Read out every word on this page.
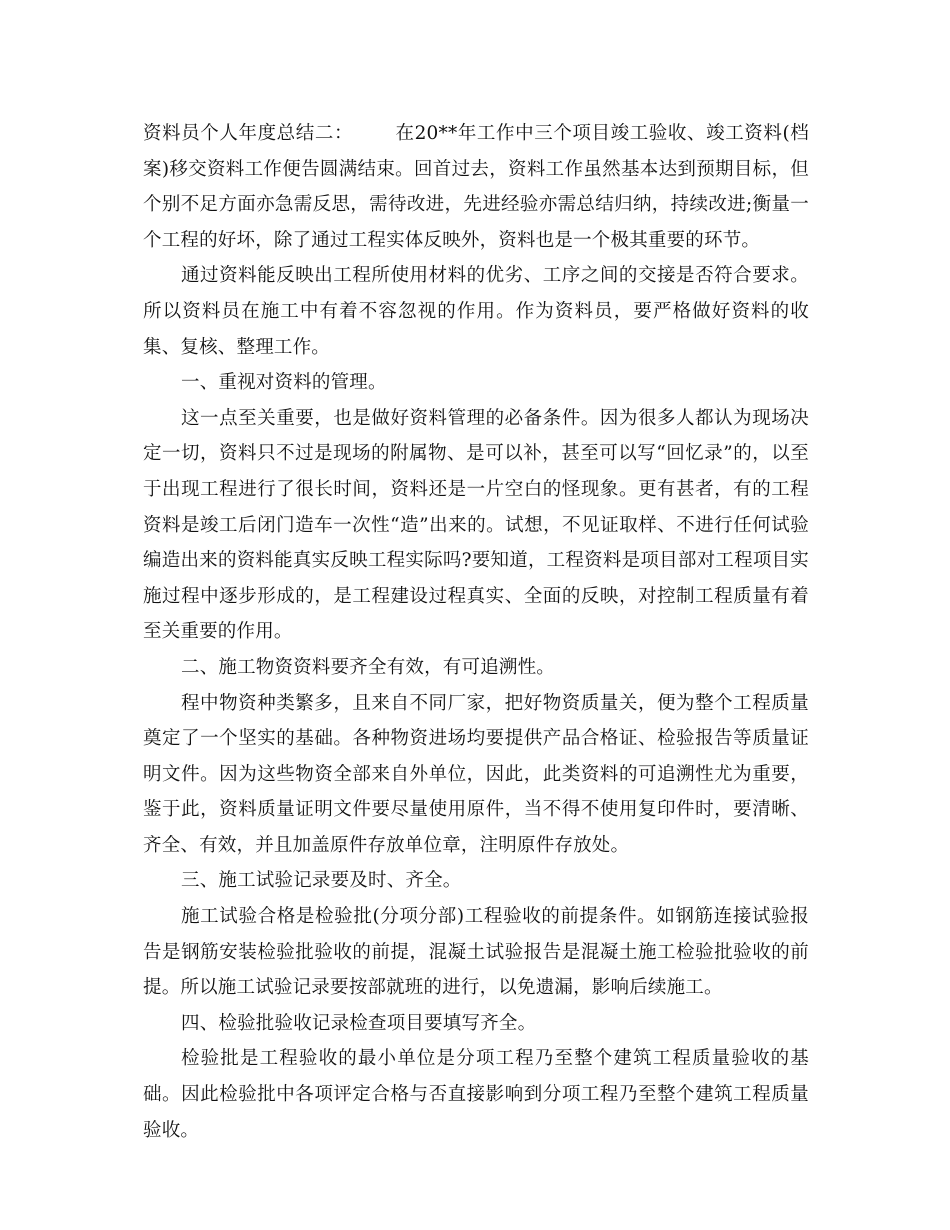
资料员个人年度总结二： 在20**年工作中三个项目竣工验收、竣工资料(档案)移交资料工作便告圆满结束。回首过去，资料工作虽然基本达到预期目标，但个别不足方面亦急需反思，需待改进，先进经验亦需总结归纳，持续改进;衡量一个工程的好坏，除了通过工程实体反映外，资料也是一个极其重要的环节。

通过资料能反映出工程所使用材料的优劣、工序之间的交接是否符合要求。所以资料员在施工中有着不容忽视的作用。作为资料员，要严格做好资料的收集、复核、整理工作。

一、重视对资料的管理。

这一点至关重要，也是做好资料管理的必备条件。因为很多人都认为现场决定一切，资料只不过是现场的附属物、是可以补，甚至可以写“回忆录”的，以至于出现工程进行了很长时间，资料还是一片空白的怪现象。更有甚者，有的工程资料是竣工后闭门造车一次性“造”出来的。试想，不见证取样、不进行任何试验编造出来的资料能真实反映工程实际吗?要知道，工程资料是项目部对工程项目实施过程中逐步形成的，是工程建设过程真实、全面的反映，对控制工程质量有着至关重要的作用。

二、施工物资资料要齐全有效，有可追溯性。

程中物资种类繁多，且来自不同厂家，把好物资质量关，便为整个工程质量奠定了一个坚实的基础。各种物资进场均要提供产品合格证、检验报告等质量证明文件。因为这些物资全部来自外单位，因此，此类资料的可追溯性尤为重要，鉴于此，资料质量证明文件要尽量使用原件，当不得不使用复印件时，要清晰、齐全、有效，并且加盖原件存放单位章，注明原件存放处。

三、施工试验记录要及时、齐全。

施工试验合格是检验批(分项分部)工程验收的前提条件。如钢筋连接试验报告是钢筋安装检验批验收的前提，混凝土试验报告是混凝土施工检验批验收的前提。所以施工试验记录要按部就班的进行，以免遗漏，影响后续施工。

四、检验批验收记录检查项目要填写齐全。

检验批是工程验收的最小单位是分项工程乃至整个建筑工程质量验收的基础。因此检验批中各项评定合格与否直接影响到分项工程乃至整个建筑工程质量验收。
